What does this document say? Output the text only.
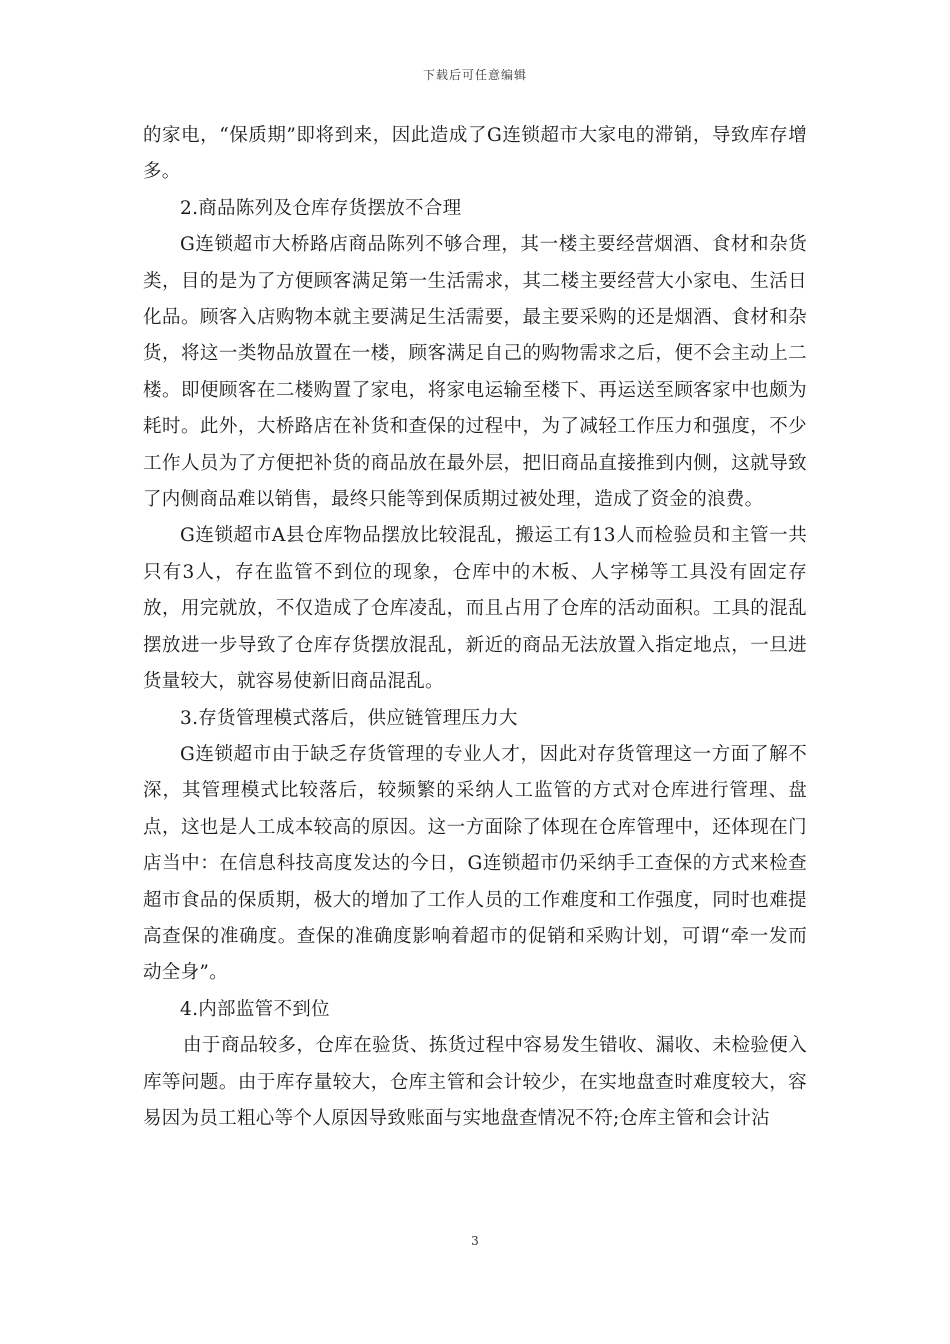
下载后可任意编辑

的家电，“保质期”即将到来，因此造成了G连锁超市大家电的滞销，导致库存增多。

2.商品陈列及仓库存货摆放不合理

G连锁超市大桥路店商品陈列不够合理，其一楼主要经营烟酒、食材和杂货类，目的是为了方便顾客满足第一生活需求，其二楼主要经营大小家电、生活日化品。顾客入店购物本就主要满足生活需要，最主要采购的还是烟酒、食材和杂货，将这一类物品放置在一楼，顾客满足自己的购物需求之后，便不会主动上二楼。即便顾客在二楼购置了家电，将家电运输至楼下、再运送至顾客家中也颇为耗时。此外，大桥路店在补货和查保的过程中，为了减轻工作压力和强度，不少工作人员为了方便把补货的商品放在最外层，把旧商品直接推到内侧，这就导致了内侧商品难以销售，最终只能等到保质期过被处理，造成了资金的浪费。

G连锁超市A县仓库物品摆放比较混乱，搬运工有13人而检验员和主管一共只有3人，存在监管不到位的现象，仓库中的木板、人字梯等工具没有固定存放，用完就放，不仅造成了仓库凌乱，而且占用了仓库的活动面积。工具的混乱摆放进一步导致了仓库存货摆放混乱，新近的商品无法放置入指定地点，一旦进货量较大，就容易使新旧商品混乱。

3.存货管理模式落后，供应链管理压力大

G连锁超市由于缺乏存货管理的专业人才，因此对存货管理这一方面了解不深，其管理模式比较落后，较频繁的采纳人工监管的方式对仓库进行管理、盘点，这也是人工成本较高的原因。这一方面除了体现在仓库管理中，还体现在门店当中：在信息科技高度发达的今日，G连锁超市仍采纳手工查保的方式来检查超市食品的保质期，极大的增加了工作人员的工作难度和工作强度，同时也难提高查保的准确度。查保的准确度影响着超市的促销和采购计划，可谓“牵一发而动全身”。

4.内部监管不到位

由于商品较多，仓库在验货、拣货过程中容易发生错收、漏收、未检验便入库等问题。由于库存量较大，仓库主管和会计较少，在实地盘查时难度较大，容易因为员工粗心等个人原因导致账面与实地盘查情况不符;仓库主管和会计沾

3
